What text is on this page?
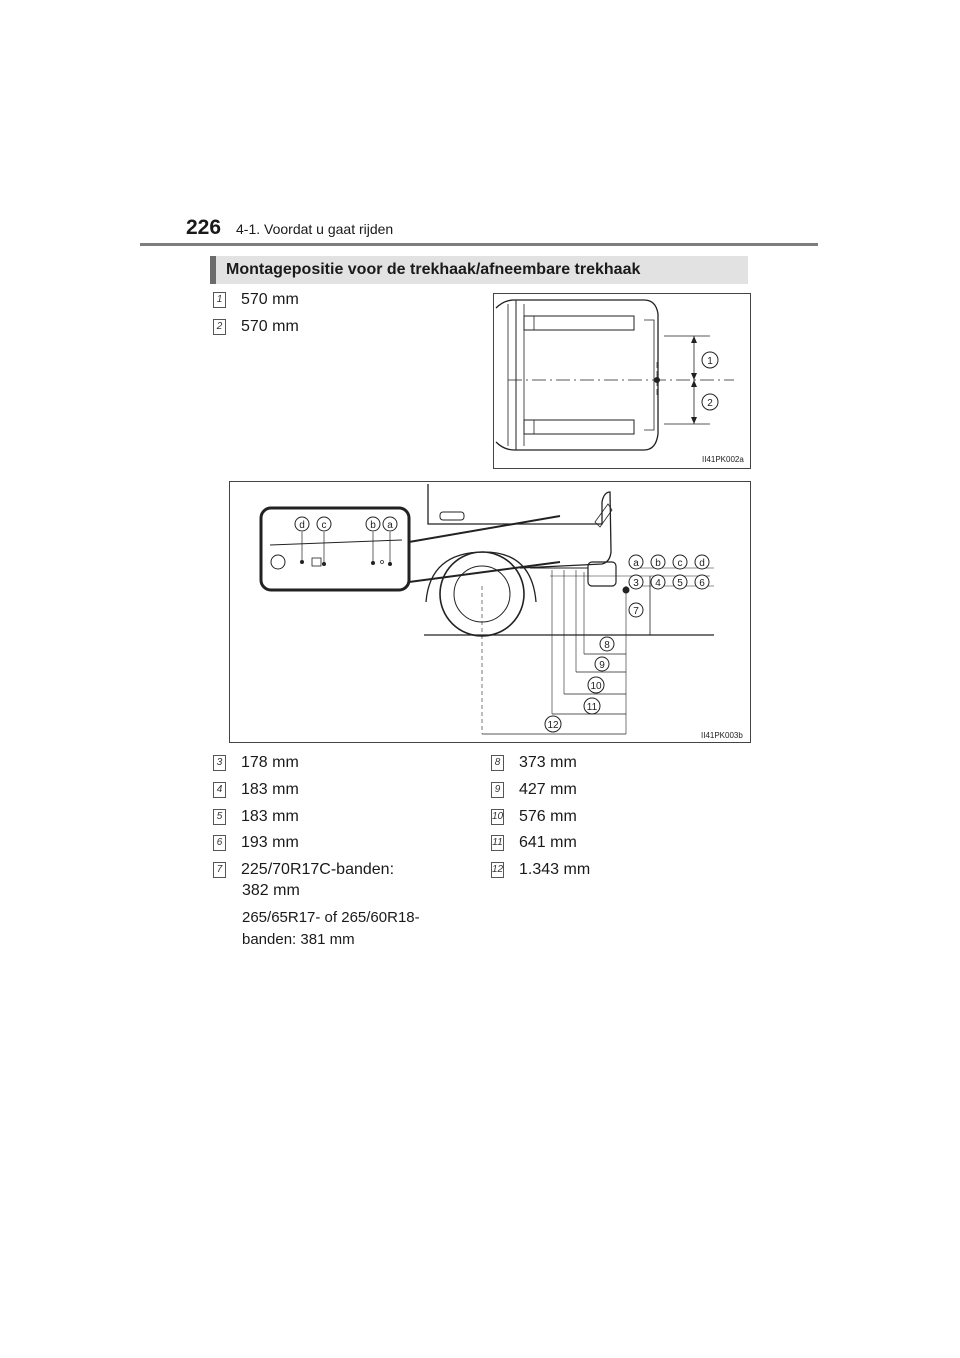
226 4-1. Voordat u gaat rijden
Montagepositie voor de trekhaak/afneembare trekhaak
1 570 mm
2 570 mm
1
2
II41PK002a
d c	b a
a b c d
3 4 5 6
7
8
9
10
11
12
II41PK003b
3 178 mm
4 183 mm
5 183 mm
6 193 mm
7 225/70R17C-banden:
382 mm
265/65R17- of 265/60R18-
banden: 381 mm
8 373 mm
9 427 mm
10 576 mm
11 641 mm
12 1.343 mm
